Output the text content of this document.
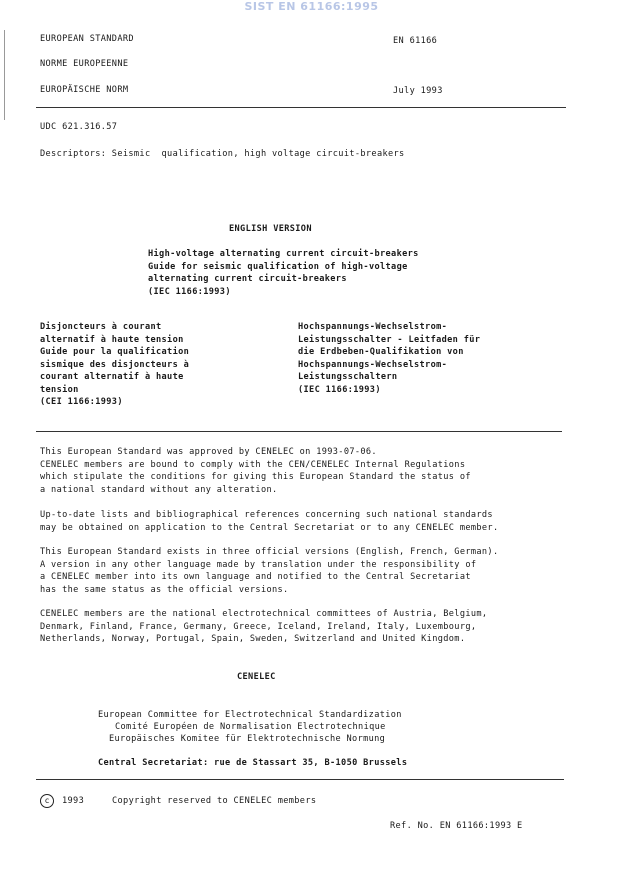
SIST EN 61166:1995
EUROPEAN STANDARD	EN 61166
NORME EUROPEENNE
EUROPÄISCHE NORM	July 1993
UDC 621.316.57
Descriptors: Seismic  qualification, high voltage circuit-breakers
ENGLISH VERSION
High-voltage alternating current circuit-breakers
Guide for seismic qualification of high-voltage
alternating current circuit-breakers
(IEC 1166:1993)
Disjoncteurs à courant
alternatif à haute tension
Guide pour la qualification
sismique des disjoncteurs à
courant alternatif à haute
tension
(CEI 1166:1993)
Hochspannungs-Wechselstrom-
Leistungsschalter - Leitfaden für
die Erdbeben-Qualifikation von
Hochspannungs-Wechselstrom-
Leistungsschaltern
(IEC 1166:1993)
This European Standard was approved by CENELEC on 1993-07-06.
CENELEC members are bound to comply with the CEN/CENELEC Internal Regulations
which stipulate the conditions for giving this European Standard the status of
a national standard without any alteration.
Up-to-date lists and bibliographical references concerning such national standards
may be obtained on application to the Central Secretariat or to any CENELEC member.
This European Standard exists in three official versions (English, French, German).
A version in any other language made by translation under the responsibility of
a CENELEC member into its own language and notified to the Central Secretariat
has the same status as the official versions.
CENELEC members are the national electrotechnical committees of Austria, Belgium,
Denmark, Finland, France, Germany, Greece, Iceland, Ireland, Italy, Luxembourg,
Netherlands, Norway, Portugal, Spain, Sweden, Switzerland and United Kingdom.
CENELEC
European Committee for Electrotechnical Standardization
Comité Européen de Normalisation Electrotechnique
Europäisches Komitee für Elektrotechnische Normung
Central Secretariat: rue de Stassart 35, B-1050 Brussels
c	1993	Copyright reserved to CENELEC members
Ref. No. EN 61166:1993 E
